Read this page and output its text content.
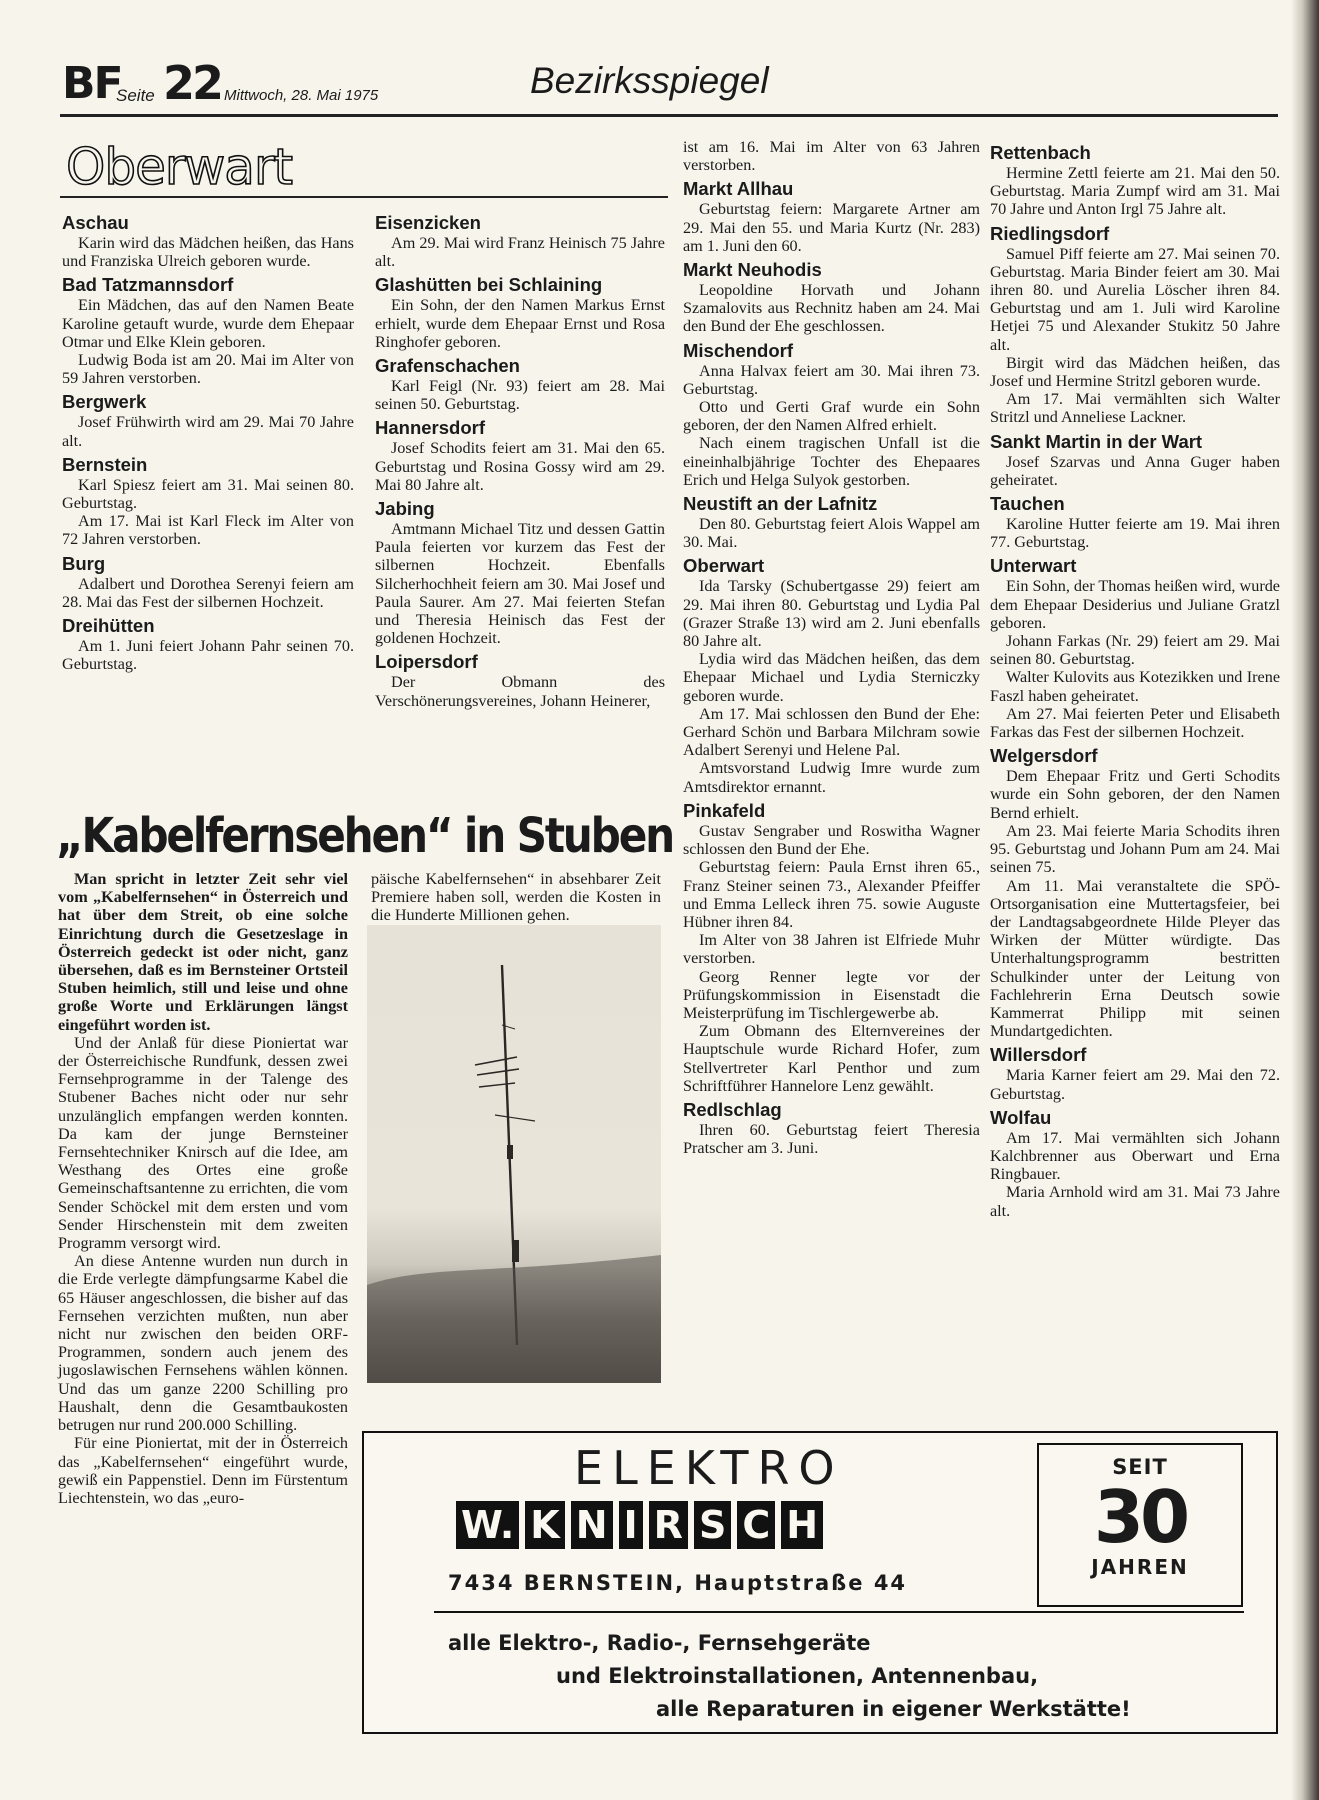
BF
Seite 22 Mittwoch, 28. Mai 1975	Bezirksspiegel
Oberwart
Aschau

Karin wird das Mädchen heißen, das Hans und Franziska Ulreich geboren wurde.

Bad Tatzmannsdorf

Ein Mädchen, das auf den Namen Beate Karoline getauft wurde, wurde dem Ehepaar Otmar und Elke Klein geboren.

Ludwig Boda ist am 20. Mai im Alter von 59 Jahren verstorben.

Bergwerk

Josef Frühwirth wird am 29. Mai 70 Jahre alt.

Bernstein

Karl Spiesz feiert am 31. Mai seinen 80. Geburtstag.

Am 17. Mai ist Karl Fleck im Alter von 72 Jahren verstorben.

Burg

Adalbert und Dorothea Serenyi feiern am 28. Mai das Fest der silbernen Hochzeit.

Dreihütten

Am 1. Juni feiert Johann Pahr seinen 70. Geburtstag.

Eisenzicken

Am 29. Mai wird Franz Heinisch 75 Jahre alt.

Glashütten bei Schlaining

Ein Sohn, der den Namen Markus Ernst erhielt, wurde dem Ehepaar Ernst und Rosa Ringhofer geboren.

Grafenschachen

Karl Feigl (Nr. 93) feiert am 28. Mai seinen 50. Geburtstag.

Hannersdorf

Josef Schodits feiert am 31. Mai den 65. Geburtstag und Rosina Gossy wird am 29. Mai 80 Jahre alt.

Jabing

Amtmann Michael Titz und dessen Gattin Paula feierten vor kurzem das Fest der silbernen Hochzeit. Ebenfalls Silcherhochheit feiern am 30. Mai Josef und Paula Saurer. Am 27. Mai feierten Stefan und Theresia Heinisch das Fest der goldenen Hochzeit.

Loipersdorf

Der Obmann des Verschönerungsvereines, Johann Heinerer,

ist am 16. Mai im Alter von 63 Jahren verstorben.

Markt Allhau

Geburtstag feiern: Margarete Artner am 29. Mai den 55. und Maria Kurtz (Nr. 283) am 1. Juni den 60.

Markt Neuhodis

Leopoldine Horvath und Johann Szamalovits aus Rechnitz haben am 24. Mai den Bund der Ehe geschlossen.

Mischendorf

Anna Halvax feiert am 30. Mai ihren 73. Geburtstag.

Otto und Gerti Graf wurde ein Sohn geboren, der den Namen Alfred erhielt.

Nach einem tragischen Unfall ist die eineinhalbjährige Tochter des Ehepaares Erich und Helga Sulyok gestorben.

Neustift an der Lafnitz

Den 80. Geburtstag feiert Alois Wappel am 30. Mai.

Oberwart

Ida Tarsky (Schubertgasse 29) feiert am 29. Mai ihren 80. Geburtstag und Lydia Pal (Grazer Straße 13) wird am 2. Juni ebenfalls 80 Jahre alt.

Lydia wird das Mädchen heißen, das dem Ehepaar Michael und Lydia Sterniczky geboren wurde.

Am 17. Mai schlossen den Bund der Ehe: Gerhard Schön und Barbara Milchram sowie Adalbert Serenyi und Helene Pal.

Amtsvorstand Ludwig Imre wurde zum Amtsdirektor ernannt.

Pinkafeld

Gustav Sengraber und Roswitha Wagner schlossen den Bund der Ehe.

Geburtstag feiern: Paula Ernst ihren 65., Franz Steiner seinen 73., Alexander Pfeiffer und Emma Lelleck ihren 75. sowie Auguste Hübner ihren 84.

Im Alter von 38 Jahren ist Elfriede Muhr verstorben.

Georg Renner legte vor der Prüfungskommission in Eisenstadt die Meisterprüfung im Tischlergewerbe ab.

Zum Obmann des Elternvereines der Hauptschule wurde Richard Hofer, zum Stellvertreter Karl Penthor und zum Schriftführer Hannelore Lenz gewählt.

Redlschlag

Ihren 60. Geburtstag feiert Theresia Pratscher am 3. Juni.

Rettenbach

Hermine Zettl feierte am 21. Mai den 50. Geburtstag. Maria Zumpf wird am 31. Mai 70 Jahre und Anton Irgl 75 Jahre alt.

Riedlingsdorf

Samuel Piff feierte am 27. Mai seinen 70. Geburtstag. Maria Binder feiert am 30. Mai ihren 80. und Aurelia Löscher ihren 84. Geburtstag und am 1. Juli wird Karoline Hetjei 75 und Alexander Stukitz 50 Jahre alt.

Birgit wird das Mädchen heißen, das Josef und Hermine Stritzl geboren wurde.

Am 17. Mai vermählten sich Walter Stritzl und Anneliese Lackner.

Sankt Martin in der Wart

Josef Szarvas und Anna Guger haben geheiratet.

Tauchen

Karoline Hutter feierte am 19. Mai ihren 77. Geburtstag.

Unterwart

Ein Sohn, der Thomas heißen wird, wurde dem Ehepaar Desiderius und Juliane Gratzl geboren.

Johann Farkas (Nr. 29) feiert am 29. Mai seinen 80. Geburtstag.

Walter Kulovits aus Kotezikken und Irene Faszl haben geheiratet.

Am 27. Mai feierten Peter und Elisabeth Farkas das Fest der silbernen Hochzeit.

Welgersdorf

Dem Ehepaar Fritz und Gerti Schodits wurde ein Sohn geboren, der den Namen Bernd erhielt.

Am 23. Mai feierte Maria Schodits ihren 95. Geburtstag und Johann Pum am 24. Mai seinen 75.

Am 11. Mai veranstaltete die SPÖ-Ortsorganisation eine Muttertagsfeier, bei der Landtagsabgeordnete Hilde Pleyer das Wirken der Mütter würdigte. Das Unterhaltungsprogramm bestritten Schulkinder unter der Leitung von Fachlehrerin Erna Deutsch sowie Kammerrat Philipp mit seinen Mundartgedichten.

Willersdorf

Maria Karner feiert am 29. Mai den 72. Geburtstag.

Wolfau

Am 17. Mai vermählten sich Johann Kalchbrenner aus Oberwart und Erna Ringbauer.

Maria Arnhold wird am 31. Mai 73 Jahre alt.

„Kabelfernsehen“ in Stuben

Man spricht in letzter Zeit sehr viel vom „Kabelfernsehen“ in Österreich und hat über dem Streit, ob eine solche Einrichtung durch die Gesetzeslage in Österreich gedeckt ist oder nicht, ganz übersehen, daß es im Bernsteiner Ortsteil Stuben heimlich, still und leise und ohne große Worte und Erklärungen längst eingeführt worden ist.

Und der Anlaß für diese Pioniertat war der Österreichische Rundfunk, dessen zwei Fernsehprogramme in der Talenge des Stubener Baches nicht oder nur sehr unzulänglich empfangen werden konnten. Da kam der junge Bernsteiner Fernsehtechniker Knirsch auf die Idee, am Westhang des Ortes eine große Gemeinschaftsantenne zu errichten, die vom Sender Schöckel mit dem ersten und vom Sender Hirschenstein mit dem zweiten Programm versorgt wird.

An diese Antenne wurden nun durch in die Erde verlegte dämpfungsarme Kabel die 65 Häuser angeschlossen, die bisher auf das Fernsehen verzichten mußten, nun aber nicht nur zwischen den beiden ORF-Programmen, sondern auch jenem des jugoslawischen Fernsehens wählen können. Und das um ganze 2200 Schilling pro Haushalt, denn die Gesamtbaukosten betrugen nur rund 200.000 Schilling.

Für eine Pioniertat, mit der in Österreich das „Kabelfernsehen“ eingeführt wurde, gewiß ein Pappenstiel. Denn im Fürstentum Liechtenstein, wo das „euro-

päische Kabelfernsehen“ in absehbarer Zeit Premiere haben soll, werden die Kosten in die Hunderte Millionen gehen.

ELEKTRO
W. K N I R S C H
7434 BERNSTEIN, Hauptstraße 44
SEIT
30
JAHREN
alle Elektro-, Radio-, Fernsehgeräte
und Elektroinstallationen, Antennenbau,
alle Reparaturen in eigener Werkstätte!
